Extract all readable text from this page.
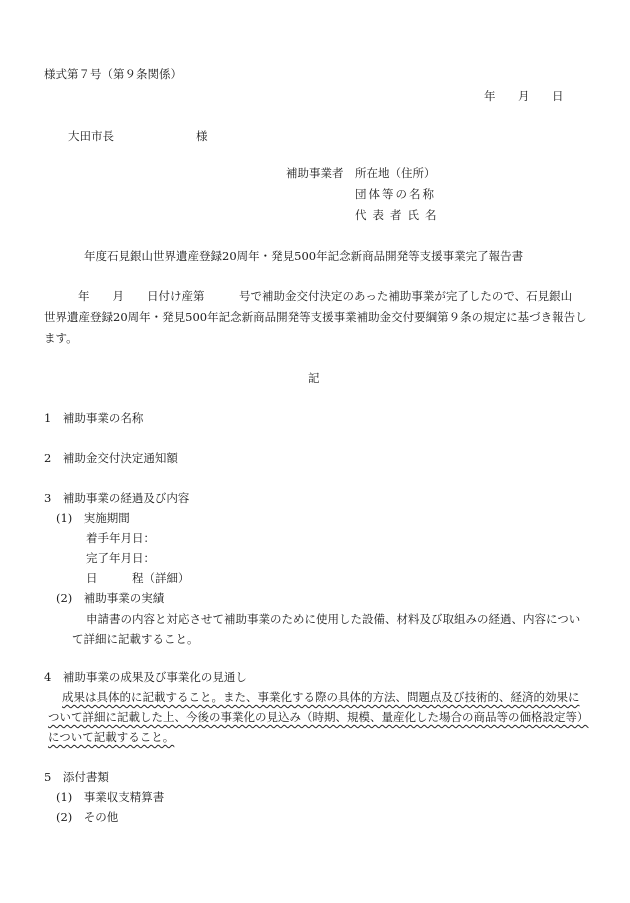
様式第７号（第９条関係）
年 月 日
大田市長	様
補助事業者 所在地（住所）
団体等の名称
代表者氏名
年度石見銀山世界遺産登録20周年・発見500年記念新商品開発等支援事業完了報告書
年　　月　　日付け産第　　　号で補助金交付決定のあった補助事業が完了したので、石見銀山
世界遺産登録20周年・発見500年記念新商品開発等支援事業補助金交付要綱第９条の規定に基づき報告し
ます。
記
1　補助事業の名称
2　補助金交付決定通知額
3　補助事業の経過及び内容
(1)　実施期間
着手年月日：
完了年月日：
日　　　程（詳細）
(2)　補助事業の実績
申請書の内容と対応させて補助事業のために使用した設備、材料及び取組みの経過、内容につい
て詳細に記載すること。
4　補助事業の成果及び事業化の見通し
成果は具体的に記載すること。また、事業化する際の具体的方法、問題点及び技術的、経済的効果に
ついて詳細に記載した上、今後の事業化の見込み（時期、規模、量産化した場合の商品等の価格設定等）
について記載すること。
5　添付書類
(1)　事業収支精算書
(2)　その他
